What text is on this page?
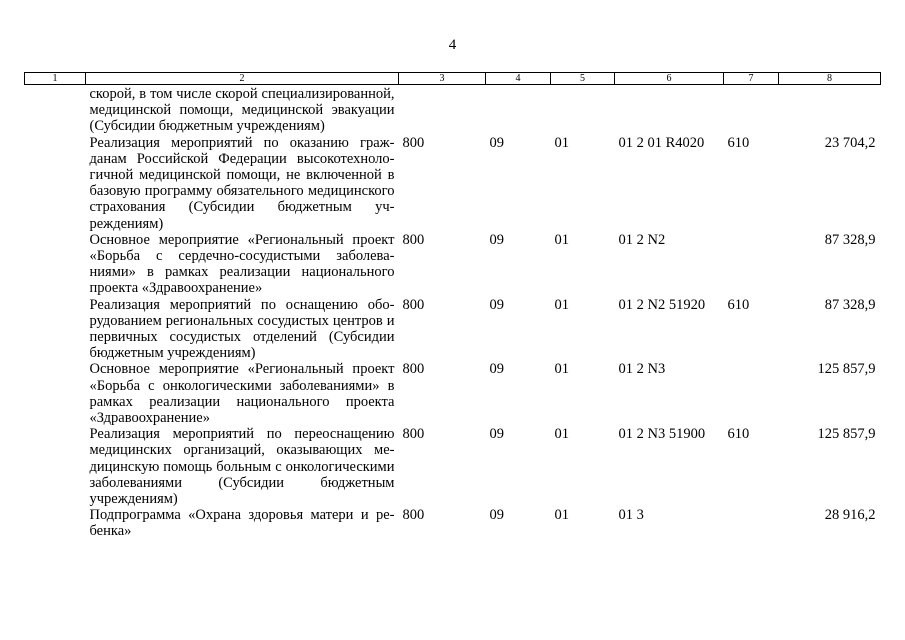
4
1	2	3	4	5	6	7	8
	скорой, в том числе скорой специализированной, медицинской помощи, медицинской эвакуации (Субсидии бюджетным учреждениям)						
	Реализация мероприятий по оказанию гражданам Российской Федерации высокотехнологичной медицинской помощи, не включенной в базовую программу обязательного медицинского страхования (Субсидии бюджетным учреждениям)	800	09	01	01 2 01 R4020	610	23 704,2
	Основное мероприятие «Региональный проект «Борьба с сердечно-сосудистыми заболеваниями» в рамках реализации национального проекта «Здравоохранение»	800	09	01	01 2 N2		87 328,9
	Реализация мероприятий по оснащению оборудованием региональных сосудистых центров и первичных сосудистых отделений (Субсидии бюджетным учреждениям)	800	09	01	01 2 N2 51920	610	87 328,9
	Основное мероприятие «Региональный проект «Борьба с онкологическими заболеваниями» в рамках реализации национального проекта «Здравоохранение»	800	09	01	01 2 N3		125 857,9
	Реализация мероприятий по переоснащению медицинских организаций, оказывающих медицинскую помощь больным с онкологическими заболеваниями (Субсидии бюджетным учреждениям)	800	09	01	01 2 N3 51900	610	125 857,9
	Подпрограмма «Охрана здоровья матери и ребенка»	800	09	01	01 3		28 916,2
